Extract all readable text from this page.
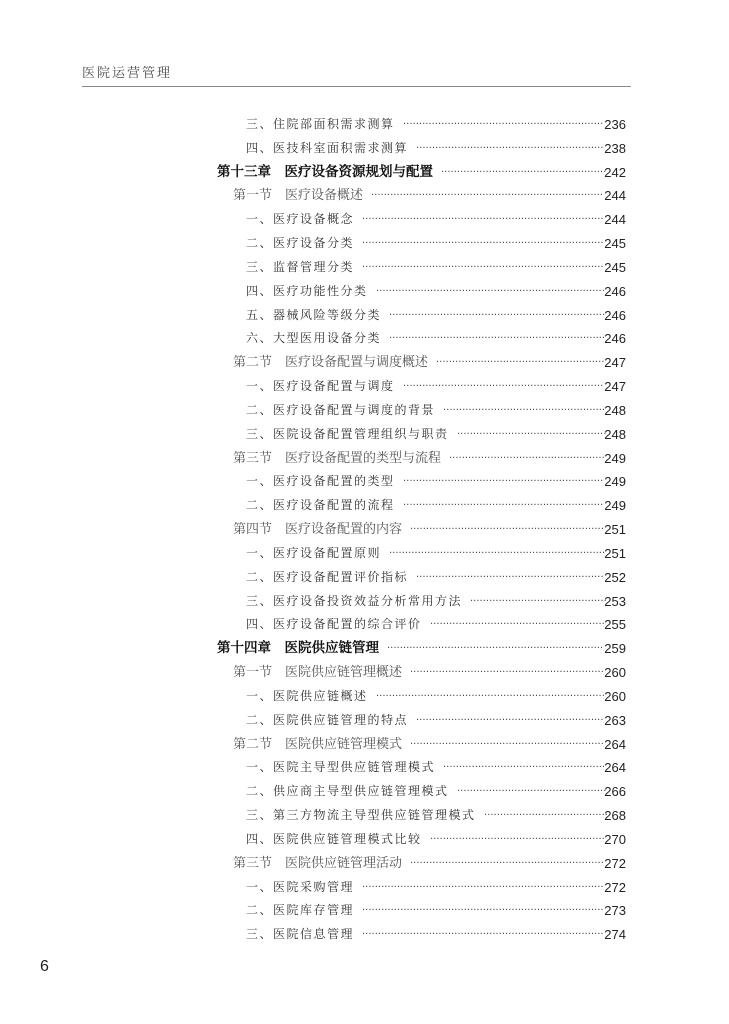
医院运营管理
三、住院部面积需求测算 ······························································· 236
四、医技科室面积需求测算 ··························································· 238
第十三章　医疗设备资源规划与配置 ····················································
242
第一节　医疗设备概述 ········································································· 244
一、医疗设备概念 ············································································ 244
二、医疗设备分类 ············································································ 245
三、监督管理分类 ············································································ 245
四、医疗功能性分类 ········································································ 246
五、器械风险等级分类 ···································································· 246
六、大型医用设备分类 ···································································· 246
第二节　医疗设备配置与调度概述 ····················································· 247
一、医疗设备配置与调度 ······························································· 247
二、医疗设备配置与调度的背景 ··················································· 248
三、医院设备配置管理组织与职责 ···············································
248
第三节　医疗设备配置的类型与流程 ················································· 249
一、医疗设备配置的类型 ······························································· 249
二、医疗设备配置的流程 ······························································· 249
第四节　医疗设备配置的内容 ····························································· 251
一、医疗设备配置原则 ···································································· 251
二、医疗设备配置评价指标 ··························································· 252
三、医疗设备投资效益分析常用方法 ···········································
253
四、医疗设备配置的综合评价 ······················································· 255
第十四章　医院供应链管理 ···································································· 259
第一节　医院供应链管理概述 ····························································· 260
一、医院供应链概述 ········································································ 260
二、医院供应链管理的特点 ··························································· 263
第二节　医院供应链管理模式 ····························································· 264
一、医院主导型供应链管理模式 ··················································· 264
二、供应商主导型供应链管理模式 ···············································
266
三、第三方物流主导型供应链管理模式 ·······································
268
四、医院供应链管理模式比较 ······················································· 270
第三节　医院供应链管理活动 ····························································· 272
一、医院采购管理 ············································································ 272
二、医院库存管理 ············································································ 273
三、医院信息管理 ············································································ 274
6
